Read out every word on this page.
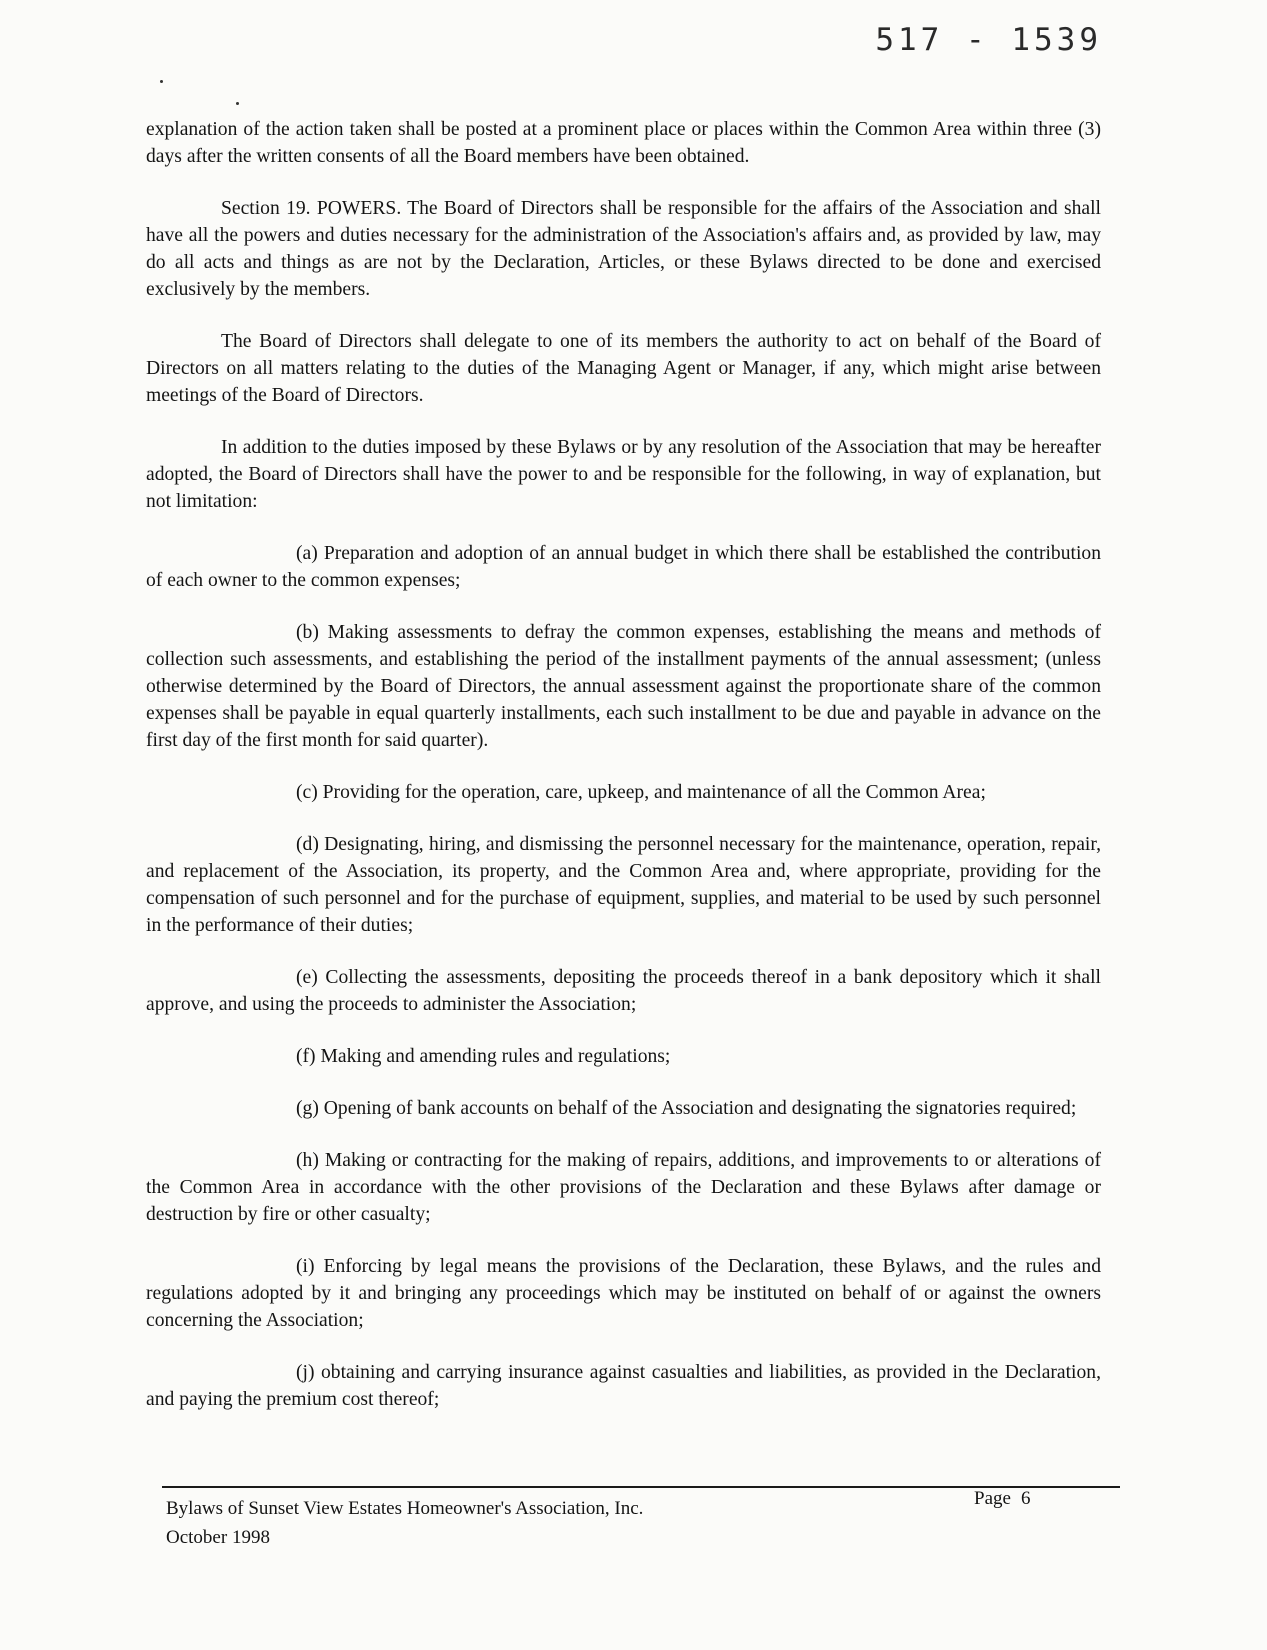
517 - 1539

explanation of the action taken shall be posted at a prominent place or places within the Common Area within three (3) days after the written consents of all the Board members have been obtained.

Section 19. POWERS. The Board of Directors shall be responsible for the affairs of the Association and shall have all the powers and duties necessary for the administration of the Association's affairs and, as provided by law, may do all acts and things as are not by the Declaration, Articles, or these Bylaws directed to be done and exercised exclusively by the members.

The Board of Directors shall delegate to one of its members the authority to act on behalf of the Board of Directors on all matters relating to the duties of the Managing Agent or Manager, if any, which might arise between meetings of the Board of Directors.

In addition to the duties imposed by these Bylaws or by any resolution of the Association that may be hereafter adopted, the Board of Directors shall have the power to and be responsible for the following, in way of explanation, but not limitation:

(a) Preparation and adoption of an annual budget in which there shall be established the contribution of each owner to the common expenses;

(b) Making assessments to defray the common expenses, establishing the means and methods of collection such assessments, and establishing the period of the installment payments of the annual assessment; (unless otherwise determined by the Board of Directors, the annual assessment against the proportionate share of the common expenses shall be payable in equal quarterly installments, each such installment to be due and payable in advance on the first day of the first month for said quarter).

(c) Providing for the operation, care, upkeep, and maintenance of all the Common Area;

(d) Designating, hiring, and dismissing the personnel necessary for the maintenance, operation, repair, and replacement of the Association, its property, and the Common Area and, where appropriate, providing for the compensation of such personnel and for the purchase of equipment, supplies, and material to be used by such personnel in the performance of their duties;

(e) Collecting the assessments, depositing the proceeds thereof in a bank depository which it shall approve, and using the proceeds to administer the Association;

(f) Making and amending rules and regulations;

(g) Opening of bank accounts on behalf of the Association and designating the signatories required;

(h) Making or contracting for the making of repairs, additions, and improvements to or alterations of the Common Area in accordance with the other provisions of the Declaration and these Bylaws after damage or destruction by fire or other casualty;

(i) Enforcing by legal means the provisions of the Declaration, these Bylaws, and the rules and regulations adopted by it and bringing any proceedings which may be instituted on behalf of or against the owners concerning the Association;

(j) obtaining and carrying insurance against casualties and liabilities, as provided in the Declaration, and paying the premium cost thereof;

Bylaws of Sunset View Estates Homeowner's Association, Inc.
October 1998
Page 6
